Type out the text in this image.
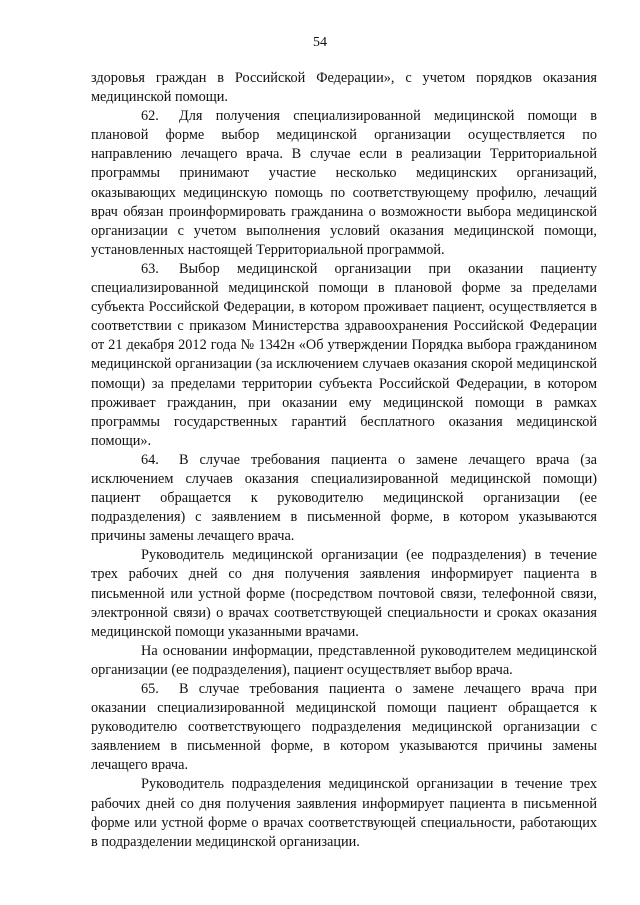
54

здоровья граждан в Российской Федерации», с учетом порядков оказания медицинской помощи.

62. Для получения специализированной медицинской помощи в плановой форме выбор медицинской организации осуществляется по направлению лечащего врача. В случае если в реализации Территориальной программы принимают участие несколько медицинских организаций, оказывающих медицинскую помощь по соответствующему профилю, лечащий врач обязан проинформировать гражданина о возможности выбора медицинской организации с учетом выполнения условий оказания медицинской помощи, установленных настоящей Территориальной программой.

63. Выбор медицинской организации при оказании пациенту специализированной медицинской помощи в плановой форме за пределами субъекта Российской Федерации, в котором проживает пациент, осуществляется в соответствии с приказом Министерства здравоохранения Российской Федерации от 21 декабря 2012 года № 1342н «Об утверждении Порядка выбора гражданином медицинской организации (за исключением случаев оказания скорой медицинской помощи) за пределами территории субъекта Российской Федерации, в котором проживает гражданин, при оказании ему медицинской помощи в рамках программы государственных гарантий бесплатного оказания медицинской помощи».

64. В случае требования пациента о замене лечащего врача (за исключением случаев оказания специализированной медицинской помощи) пациент обращается к руководителю медицинской организации (ее подразделения) с заявлением в письменной форме, в котором указываются причины замены лечащего врача.

Руководитель медицинской организации (ее подразделения) в течение трех рабочих дней со дня получения заявления информирует пациента в письменной или устной форме (посредством почтовой связи, телефонной связи, электронной связи) о врачах соответствующей специальности и сроках оказания медицинской помощи указанными врачами.

На основании информации, представленной руководителем медицинской организации (ее подразделения), пациент осуществляет выбор врача.

65. В случае требования пациента о замене лечащего врача при оказании специализированной медицинской помощи пациент обращается к руководителю соответствующего подразделения медицинской организации с заявлением в письменной форме, в котором указываются причины замены лечащего врача.

Руководитель подразделения медицинской организации в течение трех рабочих дней со дня получения заявления информирует пациента в письменной форме или устной форме о врачах соответствующей специальности, работающих в подразделении медицинской организации.
